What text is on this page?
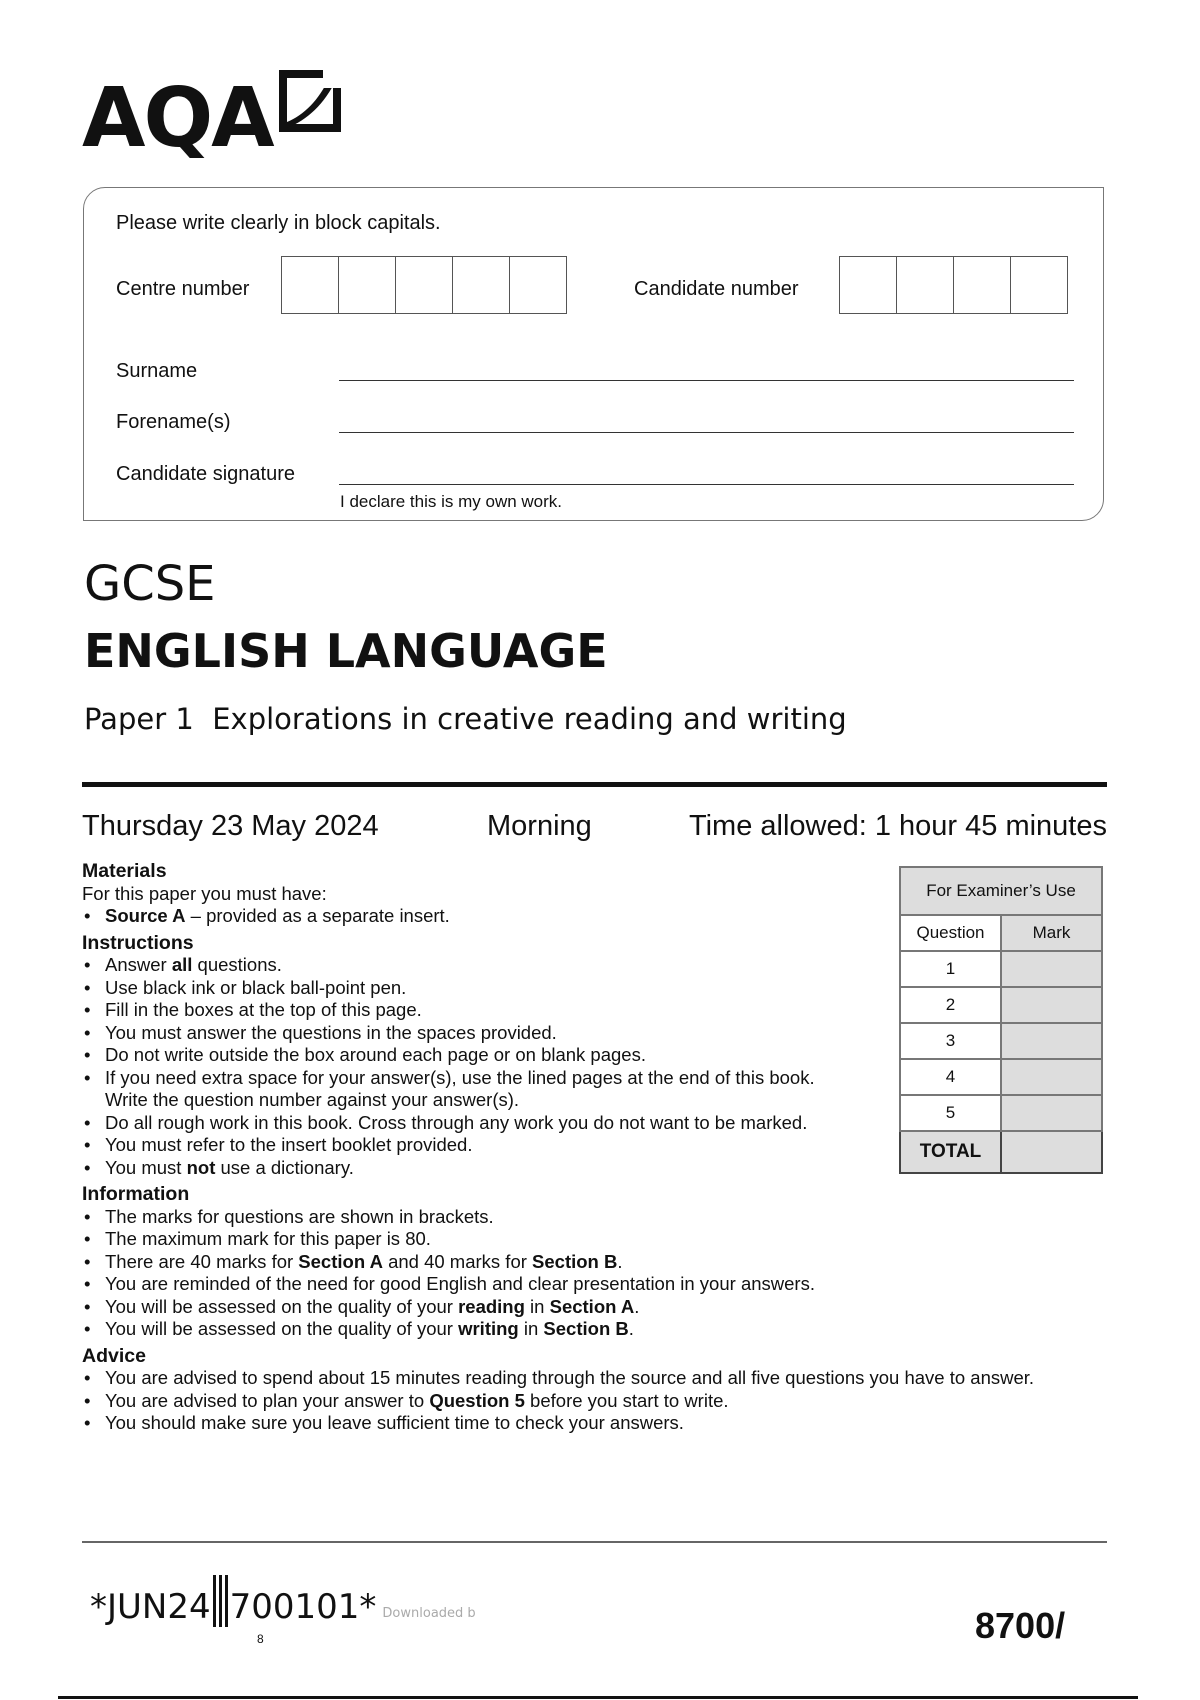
AQA
Please write clearly in block capitals.
Centre number	Candidate number
Surname
Forename(s)
Candidate signature
I declare this is my own work.
GCSE
ENGLISH LANGUAGE
Paper 1  Explorations in creative reading and writing
Thursday 23 May 2024	Morning	Time allowed: 1 hour 45 minutes
Materials
For this paper you must have:
• Source A – provided as a separate insert.
Instructions
• Answer all questions.
• Use black ink or black ball-point pen.
• Fill in the boxes at the top of this page.
• You must answer the questions in the spaces provided.
• Do not write outside the box around each page or on blank pages.
• If you need extra space for your answer(s), use the lined pages at the end of this book. Write the question number against your answer(s).
• Do all rough work in this book. Cross through any work you do not want to be marked.
• You must refer to the insert booklet provided.
• You must not use a dictionary.
Information
• The marks for questions are shown in brackets.
• The maximum mark for this paper is 80.
• There are 40 marks for Section A and 40 marks for Section B.
• You are reminded of the need for good English and clear presentation in your answers.
• You will be assessed on the quality of your reading in Section A.
• You will be assessed on the quality of your writing in Section B.
Advice
• You are advised to spend about 15 minutes reading through the source and all five questions you have to answer.
• You are advised to plan your answer to Question 5 before you start to write.
• You should make sure you leave sufficient time to check your answers.
For Examiner’s Use	
Question	Mark
1	
2	
3	
4	
5	
TOTAL	
*JUN24 700101* Downloaded b
8	8700/
